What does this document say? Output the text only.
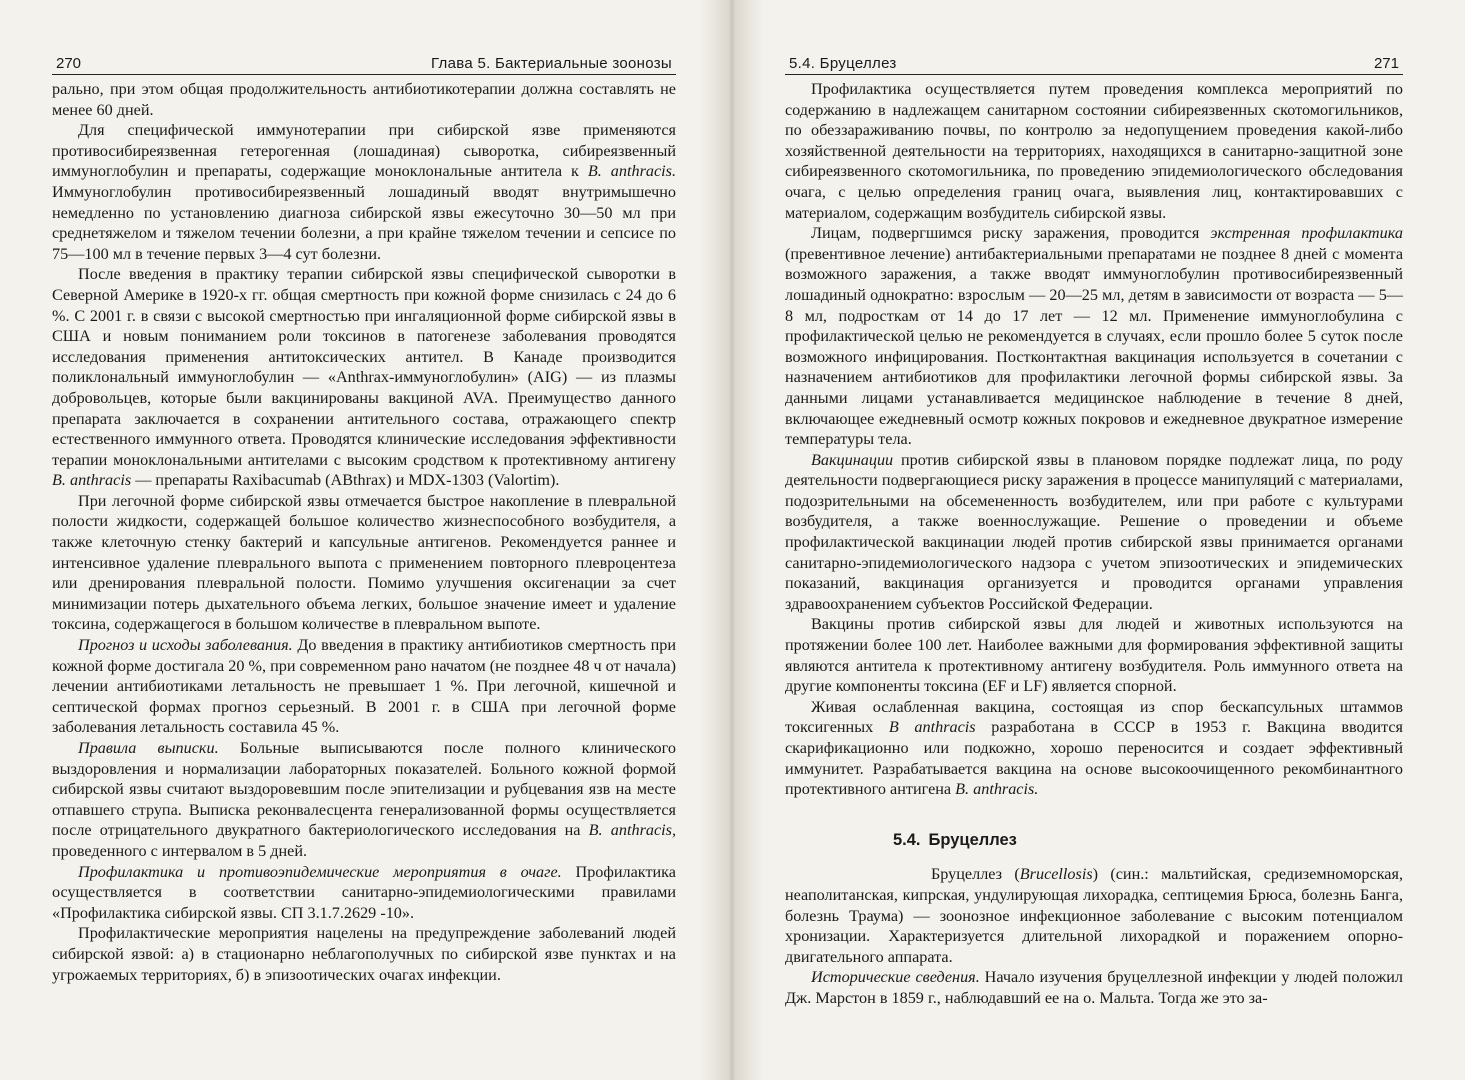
270	Глава 5. Бактериальные зоонозы

рально, при этом общая продолжительность антибиотикотерапии должна составлять не менее 60 дней.

Для специфической иммунотерапии при сибирской язве применяются противосибиреязвенная гетерогенная (лошадиная) сыворотка, сибиреязвенный иммуноглобулин и препараты, содержащие моноклональные антитела к B. anthracis. Иммуноглобулин противосибиреязвенный лошадиный вводят внутримышечно немедленно по установлению диагноза сибирской язвы ежесуточно 30—50 мл при среднетяжелом и тяжелом течении болезни, а при крайне тяжелом течении и сепсисе по 75—100 мл в течение первых 3—4 сут болезни.

После введения в практику терапии сибирской язвы специфической сыворотки в Северной Америке в 1920-х гг. общая смертность при кожной форме снизилась с 24 до 6 %. С 2001 г. в связи с высокой смертностью при ингаляционной форме сибирской язвы в США и новым пониманием роли токсинов в патогенезе заболевания проводятся исследования применения антитоксических антител. В Канаде производится поликлональный иммуноглобулин — «Anthrax-иммуноглобулин» (AIG) — из плазмы добровольцев, которые были вакцинированы вакциной AVA. Преимущество данного препарата заключается в сохранении антительного состава, отражающего спектр естественного иммунного ответа. Проводятся клинические исследования эффективности терапии моноклональными антителами с высоким сродством к протективному антигену B. anthracis — препараты Raxibacumab (ABthrax) и MDX-1303 (Valortim).

При легочной форме сибирской язвы отмечается быстрое накопление в плевральной полости жидкости, содержащей большое количество жизнеспособного возбудителя, а также клеточную стенку бактерий и капсульные антигенов. Рекомендуется раннее и интенсивное удаление плеврального выпота с применением повторного плевроцентеза или дренирования плевральной полости. Помимо улучшения оксигенации за счет минимизации потерь дыхательного объема легких, большое значение имеет и удаление токсина, содержащегося в большом количестве в плевральном выпоте.

Прогноз и исходы заболевания. До введения в практику антибиотиков смертность при кожной форме достигала 20 %, при современном рано начатом (не позднее 48 ч от начала) лечении антибиотиками летальность не превышает 1 %. При легочной, кишечной и септической формах прогноз серьезный. В 2001 г. в США при легочной форме заболевания летальность составила 45 %.

Правила выписки. Больные выписываются после полного клинического выздоровления и нормализации лабораторных показателей. Больного кожной формой сибирской язвы считают выздоровевшим после эпителизации и рубцевания язв на месте отпавшего струпа. Выписка реконвалесцента генерализованной формы осуществляется после отрицательного двукратного бактериологического исследования на B. anthracis, проведенного с интервалом в 5 дней.

Профилактика и противоэпидемические мероприятия в очаге. Профилактика осуществляется в соответствии санитарно-эпидемиологическими правилами «Профилактика сибирской язвы. СП 3.1.7.2629 -10».

Профилактические мероприятия нацелены на предупреждение заболеваний людей сибирской язвой: а) в стационарно неблагополучных по сибирской язве пунктах и на угрожаемых территориях, б) в эпизоотических очагах инфекции.

5.4. Бруцеллез	271

Профилактика осуществляется путем проведения комплекса мероприятий по содержанию в надлежащем санитарном состоянии сибиреязвенных скотомогильников, по обеззараживанию почвы, по контролю за недопущением проведения какой-либо хозяйственной деятельности на территориях, находящихся в санитарно-защитной зоне сибиреязвенного скотомогильника, по проведению эпидемиологического обследования очага, с целью определения границ очага, выявления лиц, контактировавших с материалом, содержащим возбудитель сибирской язвы.

Лицам, подвергшимся риску заражения, проводится экстренная профилактика (превентивное лечение) антибактериальными препаратами не позднее 8 дней с момента возможного заражения, а также вводят иммуноглобулин противосибиреязвенный лошадиный однократно: взрослым — 20—25 мл, детям в зависимости от возраста — 5—8 мл, подросткам от 14 до 17 лет — 12 мл. Применение иммуноглобулина с профилактической целью не рекомендуется в случаях, если прошло более 5 суток после возможного инфицирования. Постконтактная вакцинация используется в сочетании с назначением антибиотиков для профилактики легочной формы сибирской язвы. За данными лицами устанавливается медицинское наблюдение в течение 8 дней, включающее ежедневный осмотр кожных покровов и ежедневное двукратное измерение температуры тела.

Вакцинации против сибирской язвы в плановом порядке подлежат лица, по роду деятельности подвергающиеся риску заражения в процессе манипуляций с материалами, подозрительными на обсемененность возбудителем, или при работе с культурами возбудителя, а также военнослужащие. Решение о проведении и объеме профилактической вакцинации людей против сибирской язвы принимается органами санитарно-эпидемиологического надзора с учетом эпизоотических и эпидемических показаний, вакцинация организуется и проводится органами управления здравоохранением субъектов Российской Федерации.

Вакцины против сибирской язвы для людей и животных используются на протяжении более 100 лет. Наиболее важными для формирования эффективной защиты являются антитела к протективному антигену возбудителя. Роль иммунного ответа на другие компоненты токсина (EF и LF) является спорной.

Живая ослабленная вакцина, состоящая из спор бескапсульных штаммов токсигенных B anthracis разработана в СССР в 1953 г. Вакцина вводится скарификационно или подкожно, хорошо переносится и создает эффективный иммунитет. Разрабатывается вакцина на основе высокоочищенного рекомбинантного протективного антигена B. anthracis.

5.4. Бруцеллез

Бруцеллез (Brucellosis) (син.: мальтийская, средиземноморская, неаполитанская, кипрская, ундулирующая лихорадка, септицемия Брюса, болезнь Банга, болезнь Траума) — зоонозное инфекционное заболевание с высоким потенциалом хронизации. Характеризуется длительной лихорадкой и поражением опорно-двигательного аппарата.

Исторические сведения. Начало изучения бруцеллезной инфекции у людей положил Дж. Марстон в 1859 г., наблюдавший ее на о. Мальта. Тогда же это за-
